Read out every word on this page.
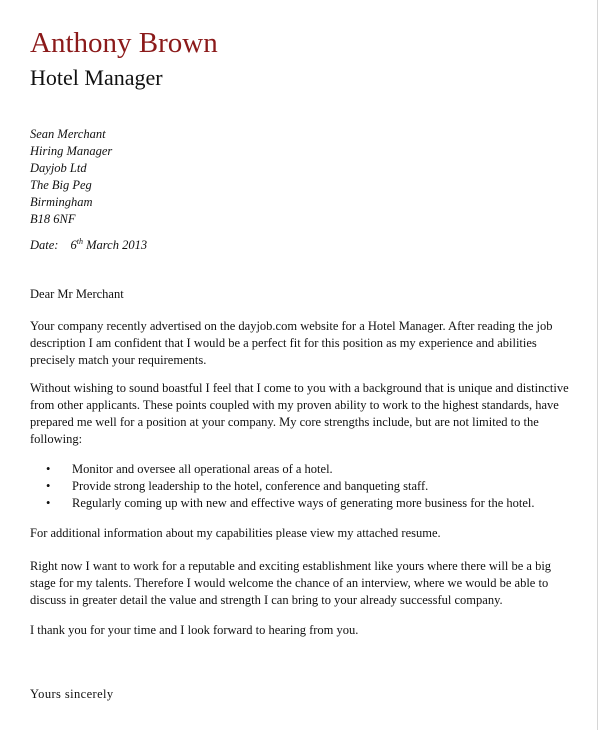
Anthony Brown
Hotel Manager
Sean Merchant
Hiring Manager
Dayjob Ltd
The Big Peg
Birmingham
B18 6NF
Date: 6th March 2013

Dear Mr Merchant

Your company recently advertised on the dayjob.com website for a Hotel Manager. After reading the job
description I am confident that I would be a perfect fit for this position as my experience and abilities
precisely match your requirements.

Without wishing to sound boastful I feel that I come to you with a background that is unique and distinctive
from other applicants. These points coupled with my proven ability to work to the highest standards, have
prepared me well for a position at your company. My core strengths include, but are not limited to the
following:

• Monitor and oversee all operational areas of a hotel.
• Provide strong leadership to the hotel, conference and banqueting staff.
• Regularly coming up with new and effective ways of generating more business for the hotel.

For additional information about my capabilities please view my attached resume.

Right now I want to work for a reputable and exciting establishment like yours where there will be a big
stage for my talents. Therefore I would welcome the chance of an interview, where we would be able to
discuss in greater detail the value and strength I can bring to your already successful company.

I thank you for your time and I look forward to hearing from you.

Yours sincerely
